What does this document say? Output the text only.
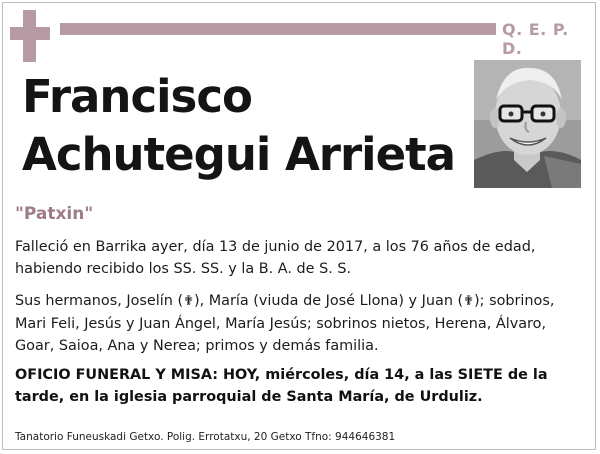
Q. E. P. D.
Francisco
Achutegui Arrieta
"Patxin"
Falleció en Barrika ayer, día 13 de junio de 2017, a los 76 años de edad, habiendo recibido los SS. SS. y la B. A. de S. S.
Sus hermanos, Joselín (✟), María (viuda de José Llona) y Juan (✟); sobrinos, Mari Feli, Jesús y Juan Ángel, María Jesús; sobrinos nietos, Herena, Álvaro, Goar, Saioa, Ana y Nerea; primos y demás familia.
OFICIO FUNERAL Y MISA: HOY, miércoles, día 14, a las SIETE de la tarde, en la iglesia parroquial de Santa María, de Urduliz.
Tanatorio Funeuskadi Getxo. Polig. Errotatxu, 20 Getxo Tfno: 944646381
